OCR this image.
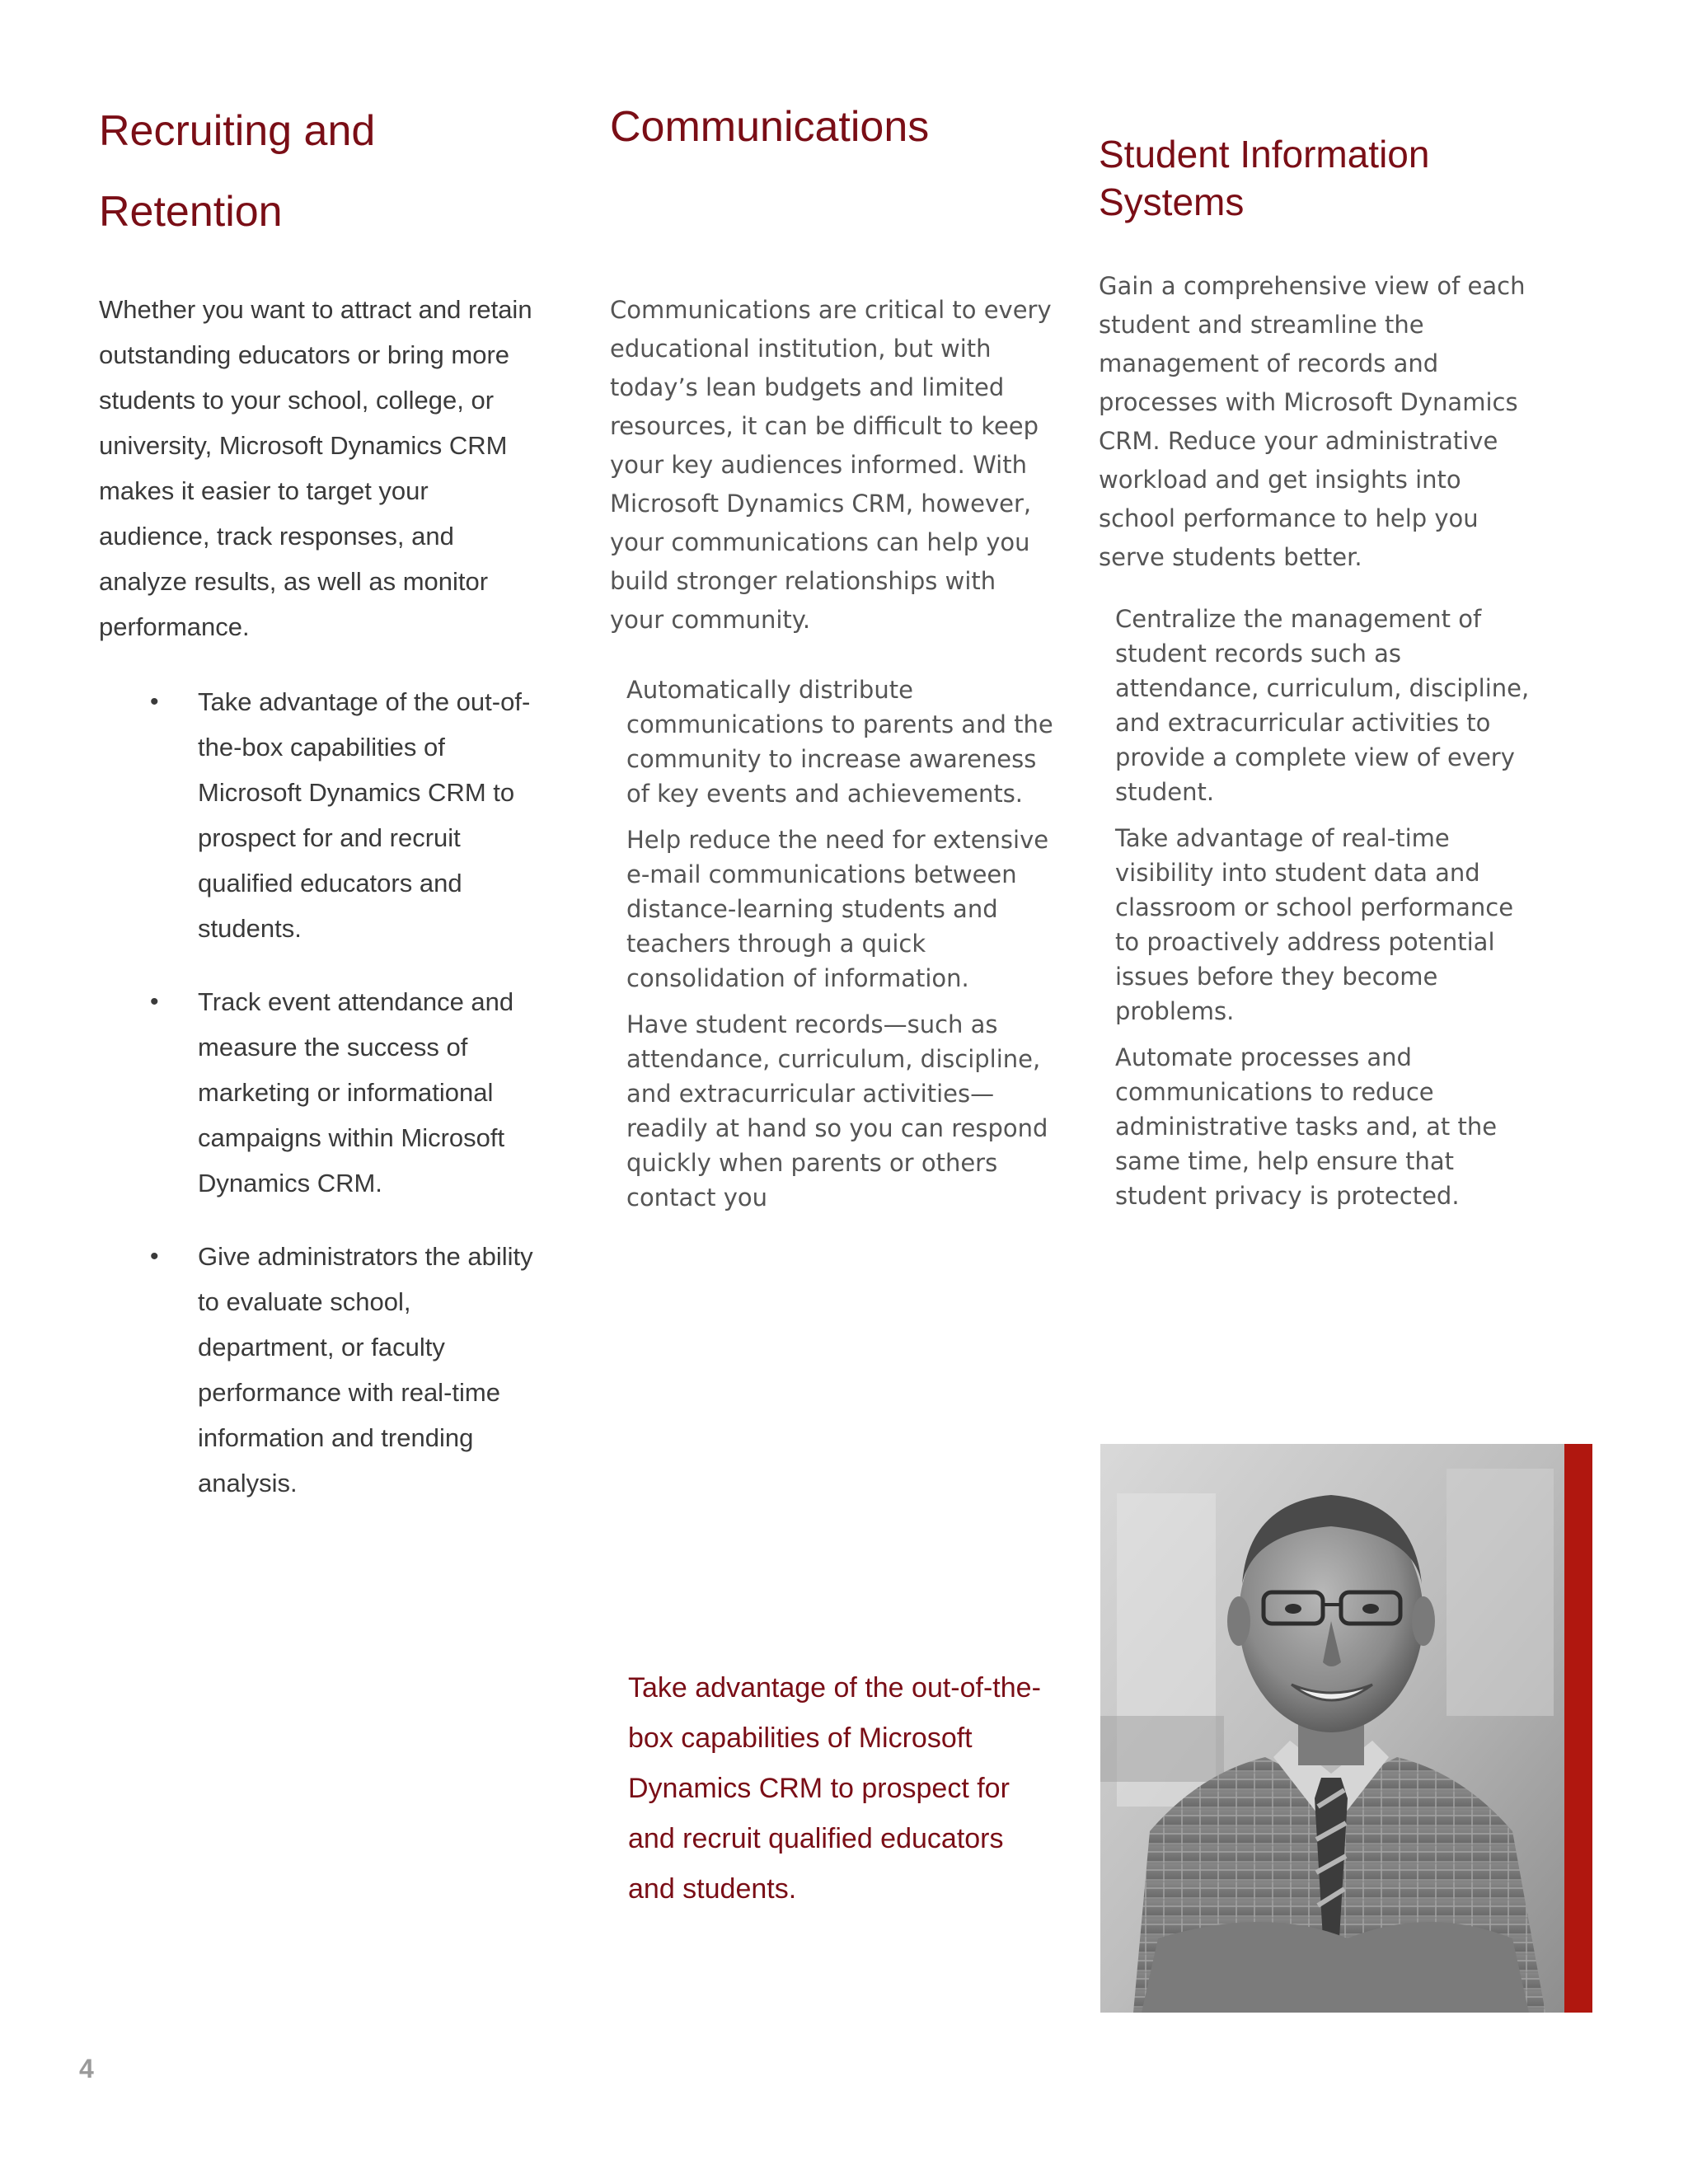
Recruiting and
Retention

Whether you want to attract and retain outstanding educators or bring more students to your school, college, or university, Microsoft Dynamics CRM makes it easier to target your audience, track responses, and analyze results, as well as monitor performance.

• Take advantage of the out-of-the-box capabilities of Microsoft Dynamics CRM to prospect for and recruit qualified educators and students.
• Track event attendance and measure the success of marketing or informational campaigns within Microsoft Dynamics CRM.
• Give administrators the ability to evaluate school, department, or faculty performance with real-time information and trending analysis.
Communications

Communications are critical to every educational institution, but with today’s lean budgets and limited resources, it can be difficult to keep your key audiences informed. With Microsoft Dynamics CRM, however, your communications can help you build stronger relationships with your community.

Automatically distribute communications to parents and the community to increase awareness of key events and achievements.

Help reduce the need for extensive e-mail communications between distance-learning students and teachers through a quick consolidation of information.

Have student records—such as attendance, curriculum, discipline, and extracurricular activities—readily at hand so you can respond quickly when parents or others contact you

Student Information
Systems

Gain a comprehensive view of each student and streamline the management of records and processes with Microsoft Dynamics CRM. Reduce your administrative workload and get insights into school performance to help you serve students better.

Centralize the management of student records such as attendance, curriculum, discipline, and extracurricular activities to provide a complete view of every student.

Take advantage of real-time visibility into student data and classroom or school performance to proactively address potential issues before they become problems.

Automate processes and communications to reduce administrative tasks and, at the same time, help ensure that student privacy is protected.

Take advantage of the out-of-the-box capabilities of Microsoft Dynamics CRM to prospect for and recruit qualified educators and students.
4
